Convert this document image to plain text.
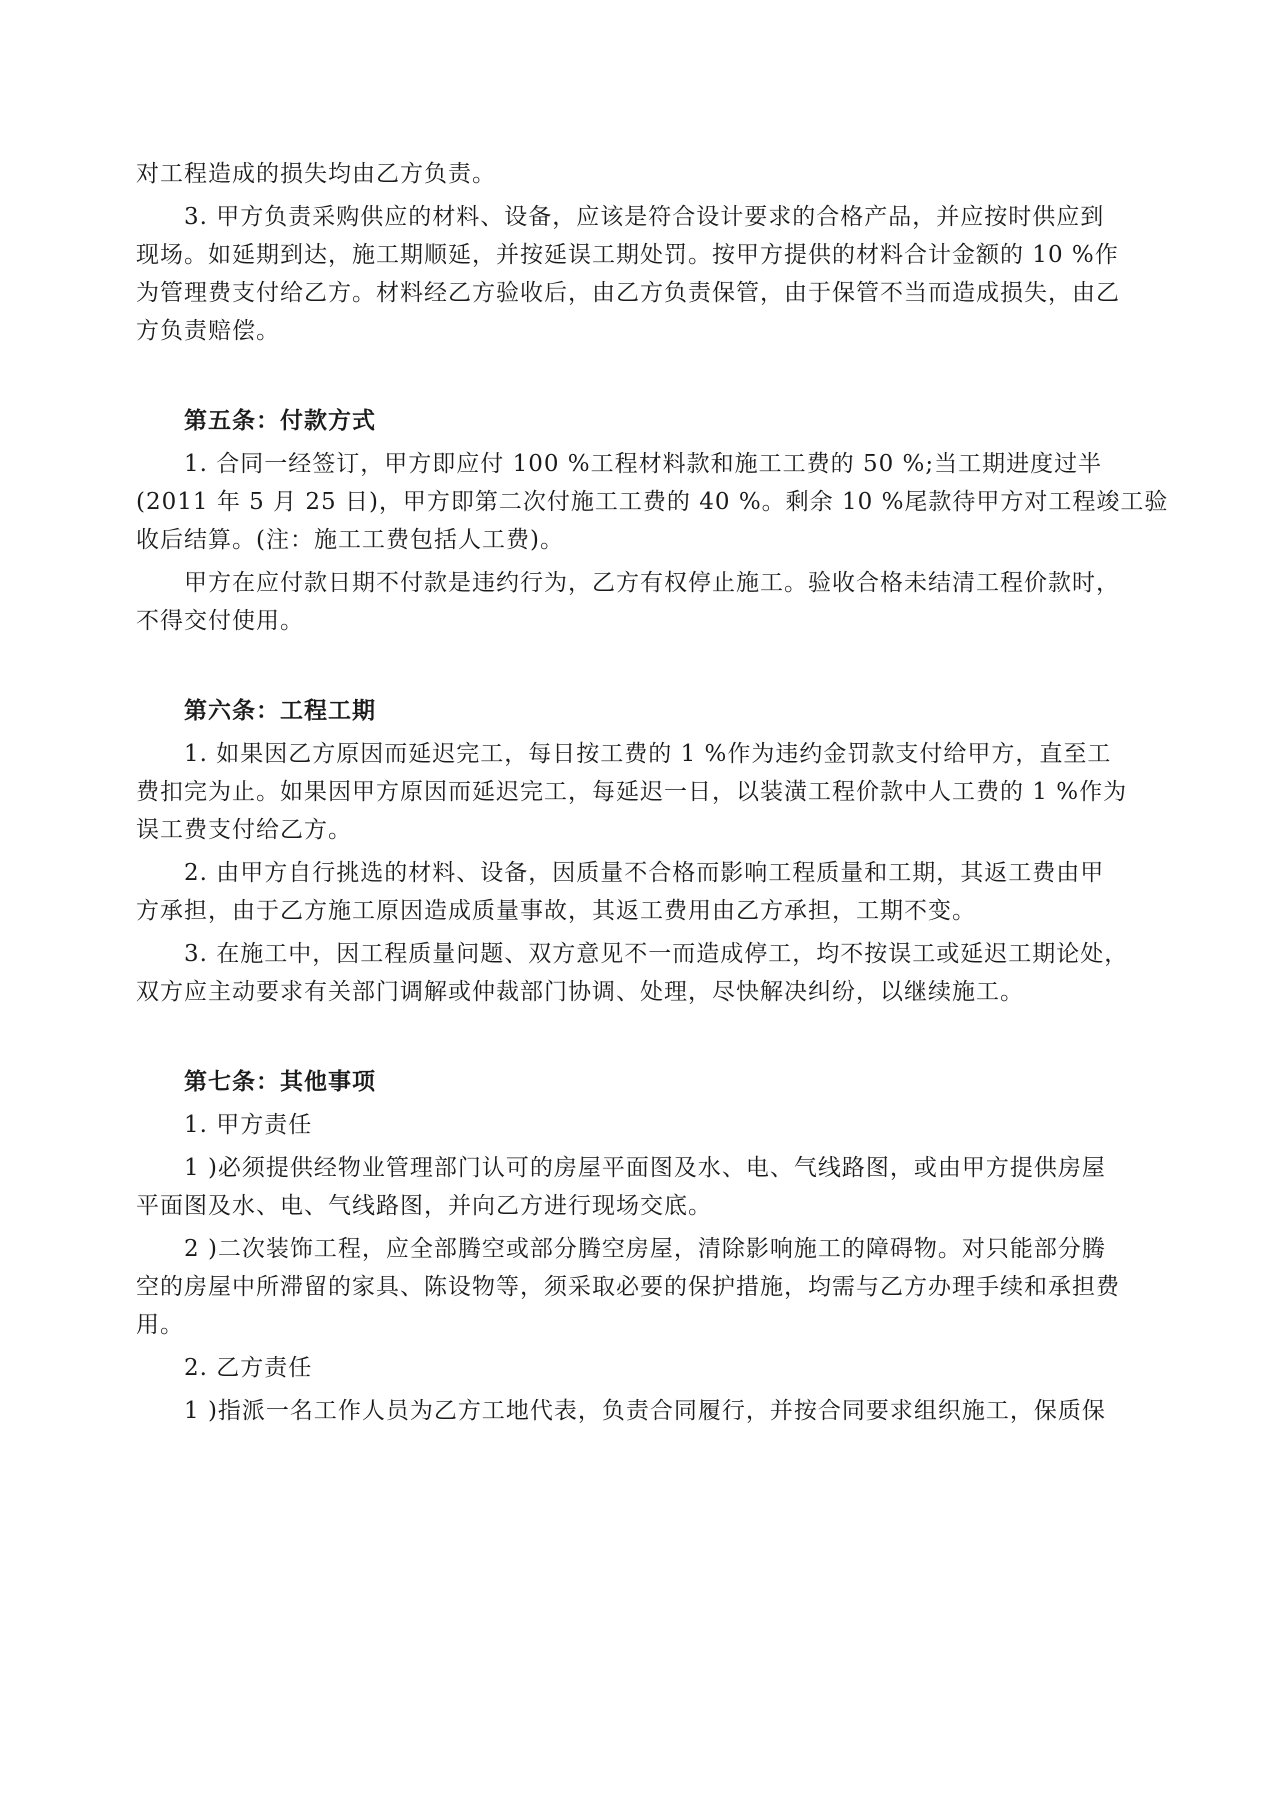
对工程造成的损失均由乙方负责。

3. 甲方负责采购供应的材料、设备，应该是符合设计要求的合格产品，并应按时供应到
现场。如延期到达，施工期顺延，并按延误工期处罚。按甲方提供的材料合计金额的 10 %作
为管理费支付给乙方。材料经乙方验收后，由乙方负责保管，由于保管不当而造成损失，由乙
方负责赔偿。

第五条：付款方式

1. 合同一经签订，甲方即应付 100 %工程材料款和施工工费的 50 %;当工期进度过半
(2011 年 5 月 25 日)，甲方即第二次付施工工费的 40 %。剩余 10 %尾款待甲方对工程竣工验
收后结算。(注：施工工费包括人工费)。

甲方在应付款日期不付款是违约行为，乙方有权停止施工。验收合格未结清工程价款时，
不得交付使用。

第六条：工程工期

1. 如果因乙方原因而延迟完工，每日按工费的 1 %作为违约金罚款支付给甲方，直至工
费扣完为止。如果因甲方原因而延迟完工，每延迟一日，以装潢工程价款中人工费的 1 %作为
误工费支付给乙方。

2. 由甲方自行挑选的材料、设备，因质量不合格而影响工程质量和工期，其返工费由甲
方承担，由于乙方施工原因造成质量事故，其返工费用由乙方承担，工期不变。

3. 在施工中，因工程质量问题、双方意见不一而造成停工，均不按误工或延迟工期论处，
双方应主动要求有关部门调解或仲裁部门协调、处理，尽快解决纠纷，以继续施工。

第七条：其他事项

1. 甲方责任

1 )必须提供经物业管理部门认可的房屋平面图及水、电、气线路图，或由甲方提供房屋
平面图及水、电、气线路图，并向乙方进行现场交底。

2 )二次装饰工程，应全部腾空或部分腾空房屋，清除影响施工的障碍物。对只能部分腾
空的房屋中所滞留的家具、陈设物等，须采取必要的保护措施，均需与乙方办理手续和承担费
用。

2. 乙方责任

1 )指派一名工作人员为乙方工地代表，负责合同履行，并按合同要求组织施工，保质保
